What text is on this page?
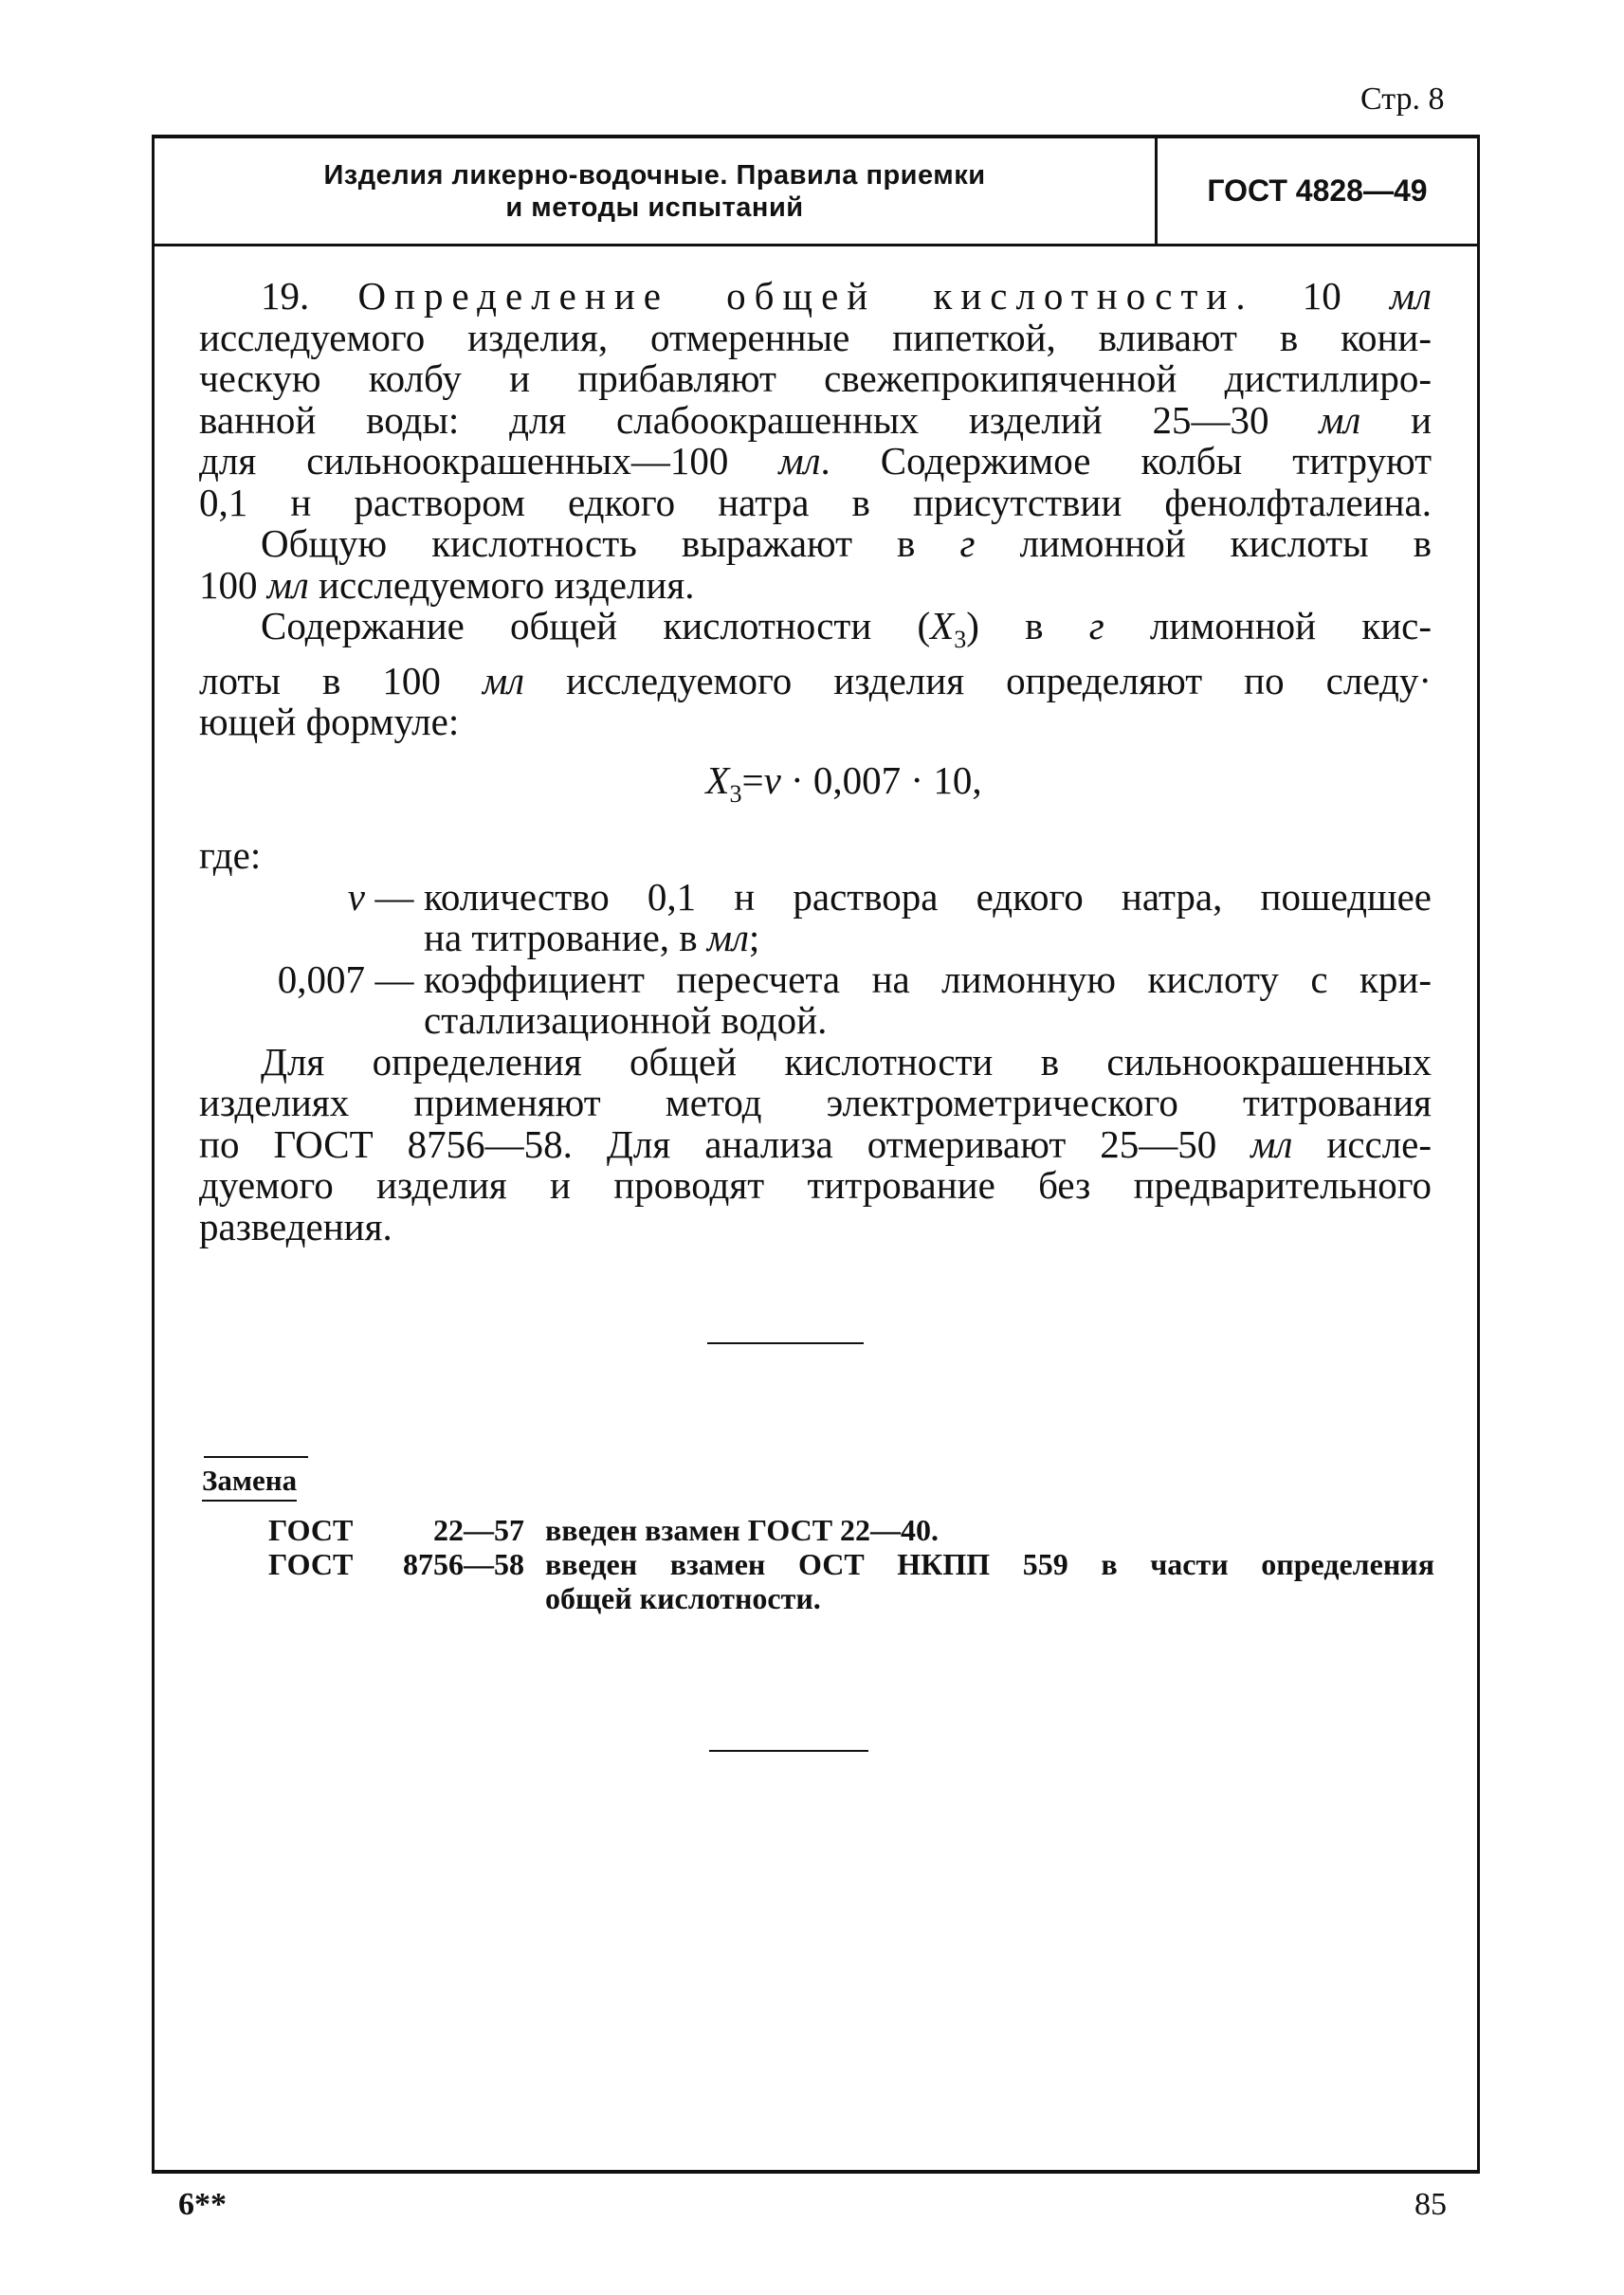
Стр. 8
Изделия ликерно-водочные. Правила приемки
и методы испытаний	ГОСТ 4828—49
19. Определение общей кислотности. 10 мл
исследуемого изделия, отмеренные пипеткой, вливают в кони-
ческую колбу и прибавляют свежепрокипяченной дистиллиро-
ванной воды: для слабоокрашенных изделий 25—30 мл и
для сильноокрашенных—100 мл. Содержимое колбы титруют
0,1 н раствором едкого натра в присутствии фенолфталеина.
Общую кислотность выражают в г лимонной кислоты в
100 мл исследуемого изделия.
Содержание общей кислотности $(X_3)$ в г лимонной кис-
лоты в 100 мл исследуемого изделия определяют по следу·
ющей формуле:
$X_3=v \cdot 0,007 \cdot 10$,
где:
v — количество 0,1 н раствора едкого натра, пошедшее
на титрование, в мл;
0,007 — коэффициент пересчета на лимонную кислоту с кри-
сталлизационной водой.
Для определения общей кислотности в сильноокрашенных
изделиях применяют метод электрометрического титрования
по ГОСТ 8756—58. Для анализа отмеривают 25—50 мл иссле-
дуемого изделия и проводят титрование без предварительного
разведения.
Замена
ГОСТ	22—57 введен взамен ГОСТ 22—40.
ГОСТ	8756—58 введен взамен ОСТ НКПП 559 в части определения
общей кислотности.
6**	85
